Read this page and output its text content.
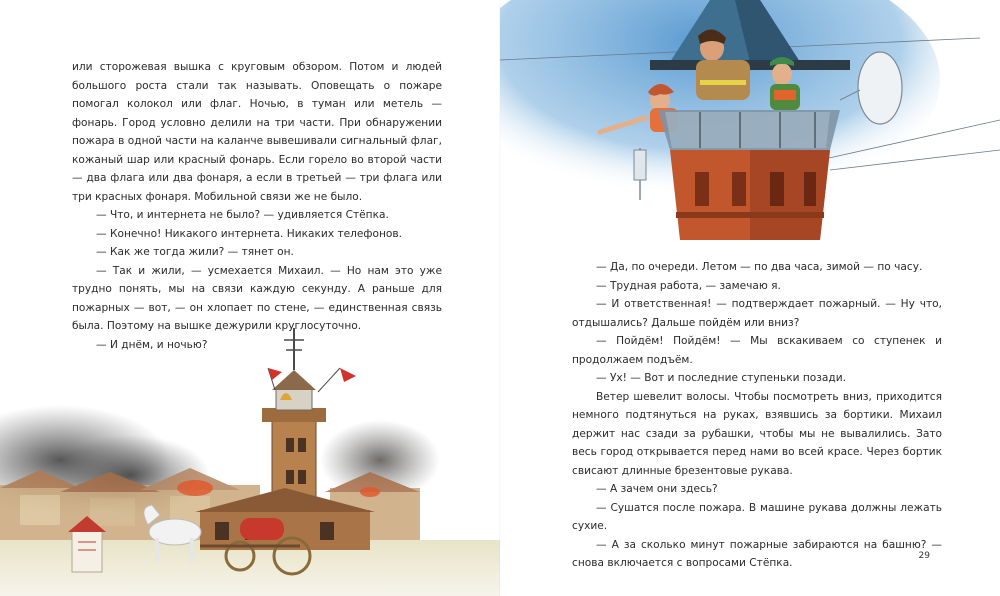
или сторожевая вышка с круговым обзором. Потом и людей большого роста стали так называть. Оповещать о пожаре помогал колокол или флаг. Ночью, в туман или метель — фонарь. Город условно делили на три части. При обнаружении пожара в одной части на каланче вывешивали сигнальный флаг, кожаный шар или красный фонарь. Если горело во второй части — два флага или два фонаря, а если в третьей — три флага или три красных фонаря. Мобильной связи же не было.

— Что, и интернета не было? — удивляется Стёпка.

— Конечно! Никакого интернета. Никаких телефонов.

— Как же тогда жили? — тянет он.

— Так и жили, — усмехается Михаил. — Но нам это уже трудно понять, мы на связи каждую секунду. А раньше для пожарных — вот, — он хлопает по стене, — единственная связь была. Поэтому на вышке дежурили круглосуточно.

— И днём, и ночью?

— Да, по очереди. Летом — по два часа, зимой — по часу.

— Трудная работа, — замечаю я.

— И ответственная! — подтверждает пожарный. — Ну что, отдышались? Дальше пойдём или вниз?

— Пойдём! Пойдём! — Мы вскакиваем со ступенек и продолжаем подъём.

— Ух! — Вот и последние ступеньки позади.

Ветер шевелит волосы. Чтобы посмотреть вниз, приходится немного подтянуться на руках, взявшись за бортики. Михаил держит нас сзади за рубашки, чтобы мы не вывалились. Зато весь город открывается перед нами во всей красе. Через бортик свисают длинные брезентовые рукава.

— А зачем они здесь?

— Сушатся после пожара. В машине рукава должны лежать сухие.

— А за сколько минут пожарные забираются на башню? — снова включается с вопросами Стёпка.

29
